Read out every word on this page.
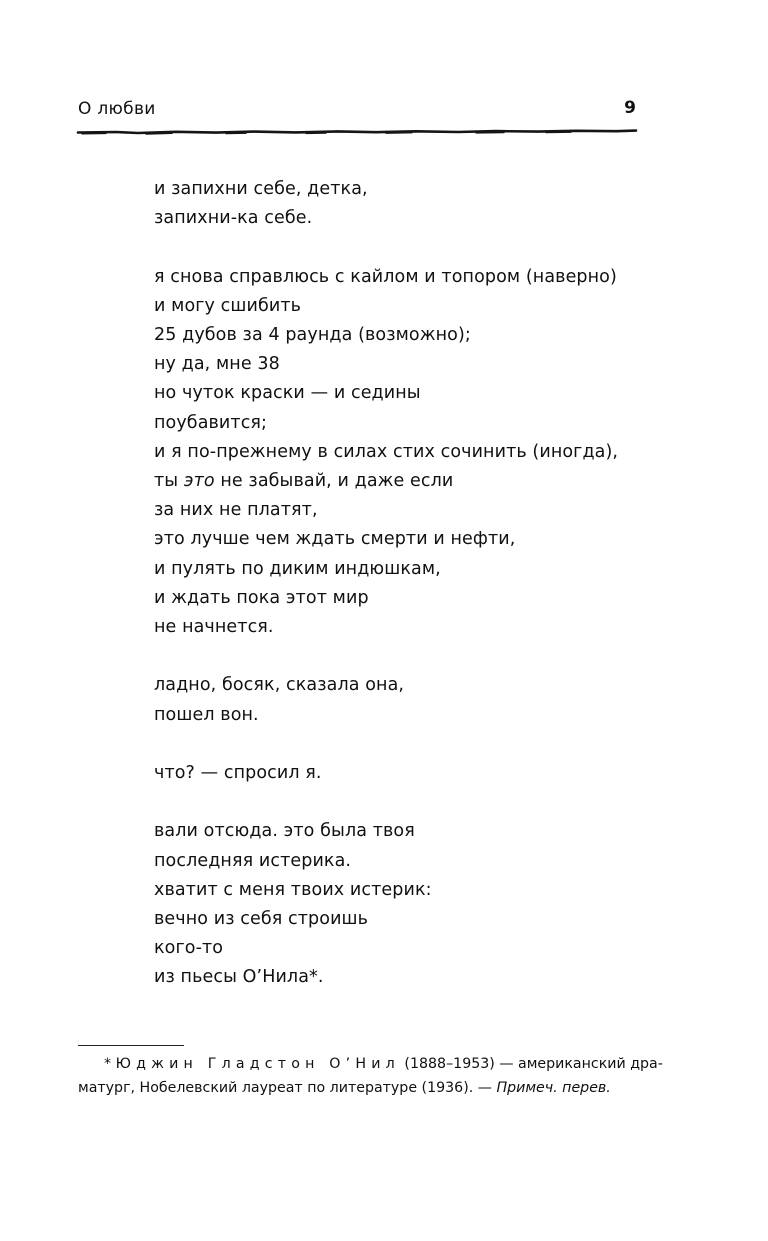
О любви	9
и запихни себе, детка,
запихни-ка себе.
я снова справлюсь с кайлом и топором (наверно)
и могу сшибить
25 дубов за 4 раунда (возможно);
ну да, мне 38
но чуток краски — и седины
поубавится;
и я по-прежнему в силах стих сочинить (иногда),
ты это не забывай, и даже если
за них не платят,
это лучше чем ждать смерти и нефти,
и пулять по диким индюшкам,
и ждать пока этот мир
не начнется.
ладно, босяк, сказала она,
пошел вон.
что? — спросил я.
вали отсюда. это была твоя
последняя истерика.
хватит с меня твоих истерик:
вечно из себя строишь
кого-то
из пьесы О’Нила*.
* Юджин Гладстон О’Нил (1888–1953) — американский дра-
матург, Нобелевский лауреат по литературе (1936). — Примеч. перев.
